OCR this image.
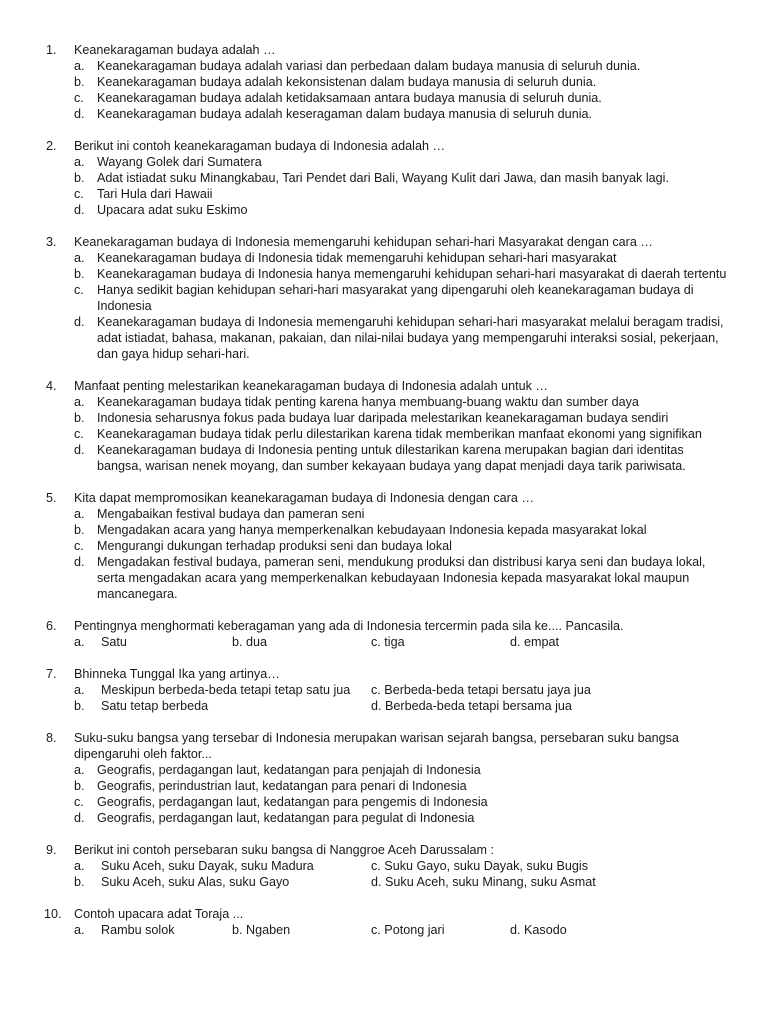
1. Keanekaragaman budaya adalah …
a. Keanekaragaman budaya adalah variasi dan perbedaan dalam budaya manusia di seluruh dunia.
b. Keanekaragaman budaya adalah kekonsistenan dalam budaya manusia di seluruh dunia.
c. Keanekaragaman budaya adalah ketidaksamaan antara budaya manusia di seluruh dunia.
d. Keanekaragaman budaya adalah keseragaman dalam budaya manusia di seluruh dunia.
2. Berikut ini contoh keanekaragaman budaya di Indonesia adalah …
a. Wayang Golek dari Sumatera
b. Adat istiadat suku Minangkabau, Tari Pendet dari Bali, Wayang Kulit dari Jawa, dan masih banyak lagi.
c. Tari Hula dari Hawaii
d. Upacara adat suku Eskimo
3. Keanekaragaman budaya di Indonesia memengaruhi kehidupan sehari-hari Masyarakat dengan cara …
a. Keanekaragaman budaya di Indonesia tidak memengaruhi kehidupan sehari-hari masyarakat
b. Keanekaragaman budaya di Indonesia hanya memengaruhi kehidupan sehari-hari masyarakat di daerah tertentu
c. Hanya sedikit bagian kehidupan sehari-hari masyarakat yang dipengaruhi oleh keanekaragaman budaya di Indonesia
d. Keanekaragaman budaya di Indonesia memengaruhi kehidupan sehari-hari masyarakat melalui beragam tradisi, adat istiadat, bahasa, makanan, pakaian, dan nilai-nilai budaya yang mempengaruhi interaksi sosial, pekerjaan, dan gaya hidup sehari-hari.
4. Manfaat penting melestarikan keanekaragaman budaya di Indonesia adalah untuk …
a. Keanekaragaman budaya tidak penting karena hanya membuang-buang waktu dan sumber daya
b. Indonesia seharusnya fokus pada budaya luar daripada melestarikan keanekaragaman budaya sendiri
c. Keanekaragaman budaya tidak perlu dilestarikan karena tidak memberikan manfaat ekonomi yang signifikan
d. Keanekaragaman budaya di Indonesia penting untuk dilestarikan karena merupakan bagian dari identitas bangsa, warisan nenek moyang, dan sumber kekayaan budaya yang dapat menjadi daya tarik pariwisata.
5. Kita dapat mempromosikan keanekaragaman budaya di Indonesia dengan cara …
a. Mengabaikan festival budaya dan pameran seni
b. Mengadakan acara yang hanya memperkenalkan kebudayaan Indonesia kepada masyarakat lokal
c. Mengurangi dukungan terhadap produksi seni dan budaya lokal
d. Mengadakan festival budaya, pameran seni, mendukung produksi dan distribusi karya seni dan budaya lokal, serta mengadakan acara yang memperkenalkan kebudayaan Indonesia kepada masyarakat lokal maupun mancanegara.
6. Pentingnya menghormati keberagaman yang ada di Indonesia tercermin pada sila ke.... Pancasila.
a. Satu	b. dua	c. tiga	d. empat
7. Bhinneka Tunggal Ika yang artinya…
a. Meskipun berbeda-beda tetapi tetap satu jua c. Berbeda-beda tetapi bersatu jaya jua
b. Satu tetap berbeda	d. Berbeda-beda tetapi bersama jua
8. Suku-suku bangsa yang tersebar di Indonesia merupakan warisan sejarah bangsa, persebaran suku bangsa dipengaruhi oleh faktor...
a. Geografis, perdagangan laut, kedatangan para penjajah di Indonesia
b. Geografis, perindustrian laut, kedatangan para penari di Indonesia
c. Geografis, perdagangan laut, kedatangan para pengemis di Indonesia
d. Geografis, perdagangan laut, kedatangan para pegulat di Indonesia
9. Berikut ini contoh persebaran suku bangsa di Nanggroe Aceh Darussalam :
a. Suku Aceh, suku Dayak, suku Madura	c. Suku Gayo, suku Dayak, suku Bugis
b. Suku Aceh, suku Alas, suku Gayo	d. Suku Aceh, suku Minang, suku Asmat
10. Contoh upacara adat Toraja ...
a. Rambu solok	b. Ngaben	c. Potong jari	d. Kasodo
